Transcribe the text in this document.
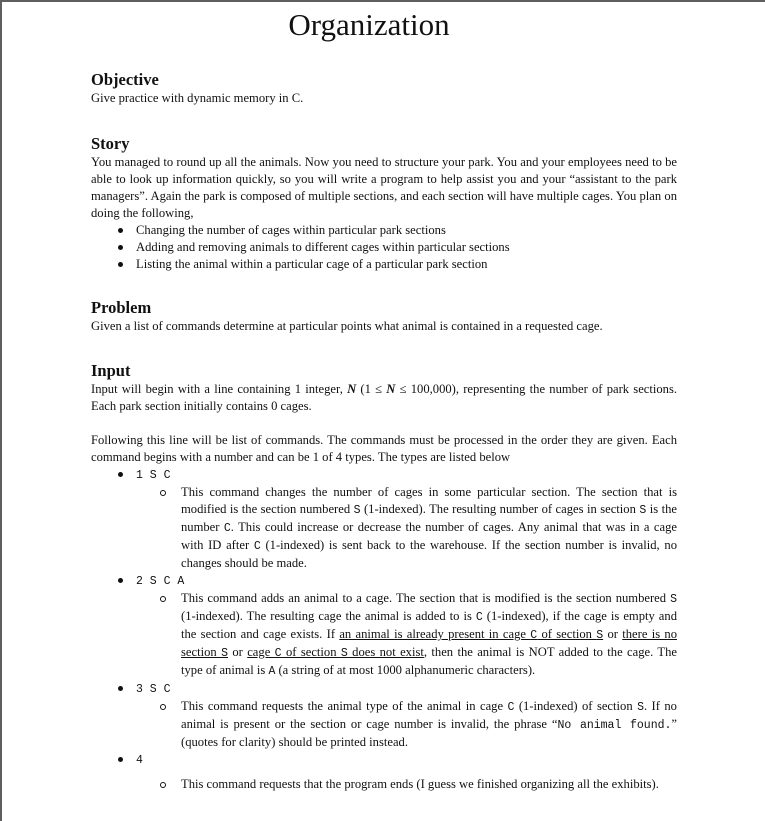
Organization
Objective

Give practice with dynamic memory in C.

Story

You managed to round up all the animals. Now you need to structure your park. You and your employees need to be able to look up information quickly, so you will write a program to help assist you and your “assistant to the park managers”. Again the park is composed of multiple sections, and each section will have multiple cages. You plan on doing the following,

Changing the number of cages within particular park sections
Adding and removing animals to different cages within particular sections
Listing the animal within a particular cage of a particular park section
Problem

Given a list of commands determine at particular points what animal is contained in a requested cage.

Input

Input will begin with a line containing 1 integer, N (1 ≤ N ≤ 100,000), representing the number of park sections. Each park section initially contains 0 cages.

Following this line will be list of commands. The commands must be processed in the order they are given. Each command begins with a number and can be 1 of 4 types. The types are listed below

1 S C
This command changes the number of cages in some particular section. The section that is modified is the section numbered S (1-indexed). The resulting number of cages in section S is the number C. This could increase or decrease the number of cages. Any animal that was in a cage with ID after C (1-indexed) is sent back to the warehouse. If the section number is invalid, no changes should be made.
2 S C A
This command adds an animal to a cage. The section that is modified is the section numbered S (1-indexed). The resulting cage the animal is added to is C (1-indexed), if the cage is empty and the section and cage exists. If an animal is already present in cage C of section S or there is no section S or cage C of section S does not exist, then the animal is NOT added to the cage. The type of animal is A (a string of at most 1000 alphanumeric characters).
3 S C
This command requests the animal type of the animal in cage C (1-indexed) of section S. If no animal is present or the section or cage number is invalid, the phrase “No animal found.” (quotes for clarity) should be printed instead.
4
This command requests that the program ends (I guess we finished organizing all the exhibits).
